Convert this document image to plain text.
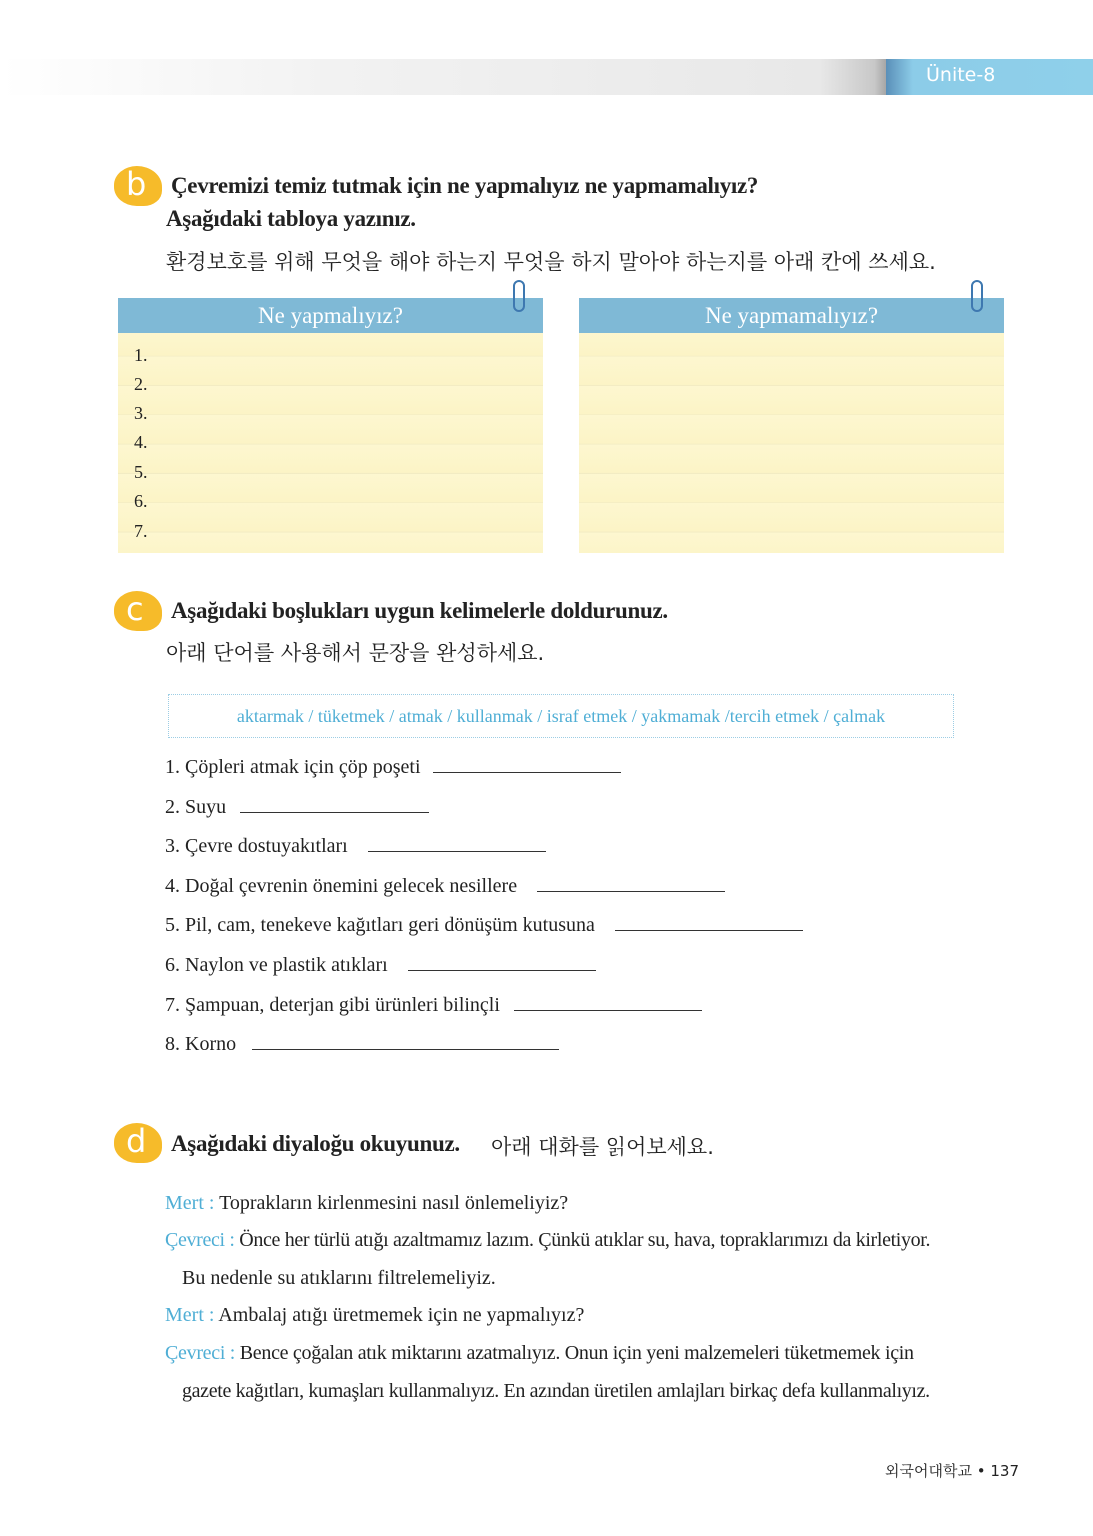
Ünite-8
b	Çevremizi temiz tutmak için ne yapmalıyız ne yapmamalıyız?
Aşağıdaki tabloya yazınız.
환경보호를 위해 무엇을 해야 하는지 무엇을 하지 말아야 하는지를 아래 칸에 쓰세요.
Ne yapmalıyız?
1.
2.
3.
4.
5.
6.
7.
Ne yapmamalıyız?
c	Aşağıdaki boşlukları uygun kelimelerle doldurunuz.
아래 단어를 사용해서 문장을 완성하세요.
aktarmak / tüketmek / atmak / kullanmak / israf etmek / yakmamak /tercih etmek / çalmak
1. Çöpleri atmak için çöp poşeti
2. Suyu
3. Çevre dostuyakıtları
4. Doğal çevrenin önemini gelecek nesillere
5. Pil, cam, tenekeve kağıtları geri dönüşüm kutusuna
6. Naylon ve plastik atıkları
7. Şampuan, deterjan gibi ürünleri bilinçli
8. Korno
d	Aşağıdaki diyaloğu okuyunuz. 아래 대화를 읽어보세요.
Mert : Toprakların kirlenmesini nasıl önlemeliyiz?
Çevreci : Önce her türlü atığı azaltmamız lazım. Çünkü atıklar su, hava, topraklarımızı da kirletiyor.
Bu nedenle su atıklarını filtrelemeliyiz.
Mert : Ambalaj atığı üretmemek için ne yapmalıyız?
Çevreci : Bence çoğalan atık miktarını azatmalıyız. Onun için yeni malzemeleri tüketmemek için
gazete kağıtları, kumaşları kullanmalıyız. En azından üretilen amlajları birkaç defa kullanmalıyız.
외국어대학교 • 137
